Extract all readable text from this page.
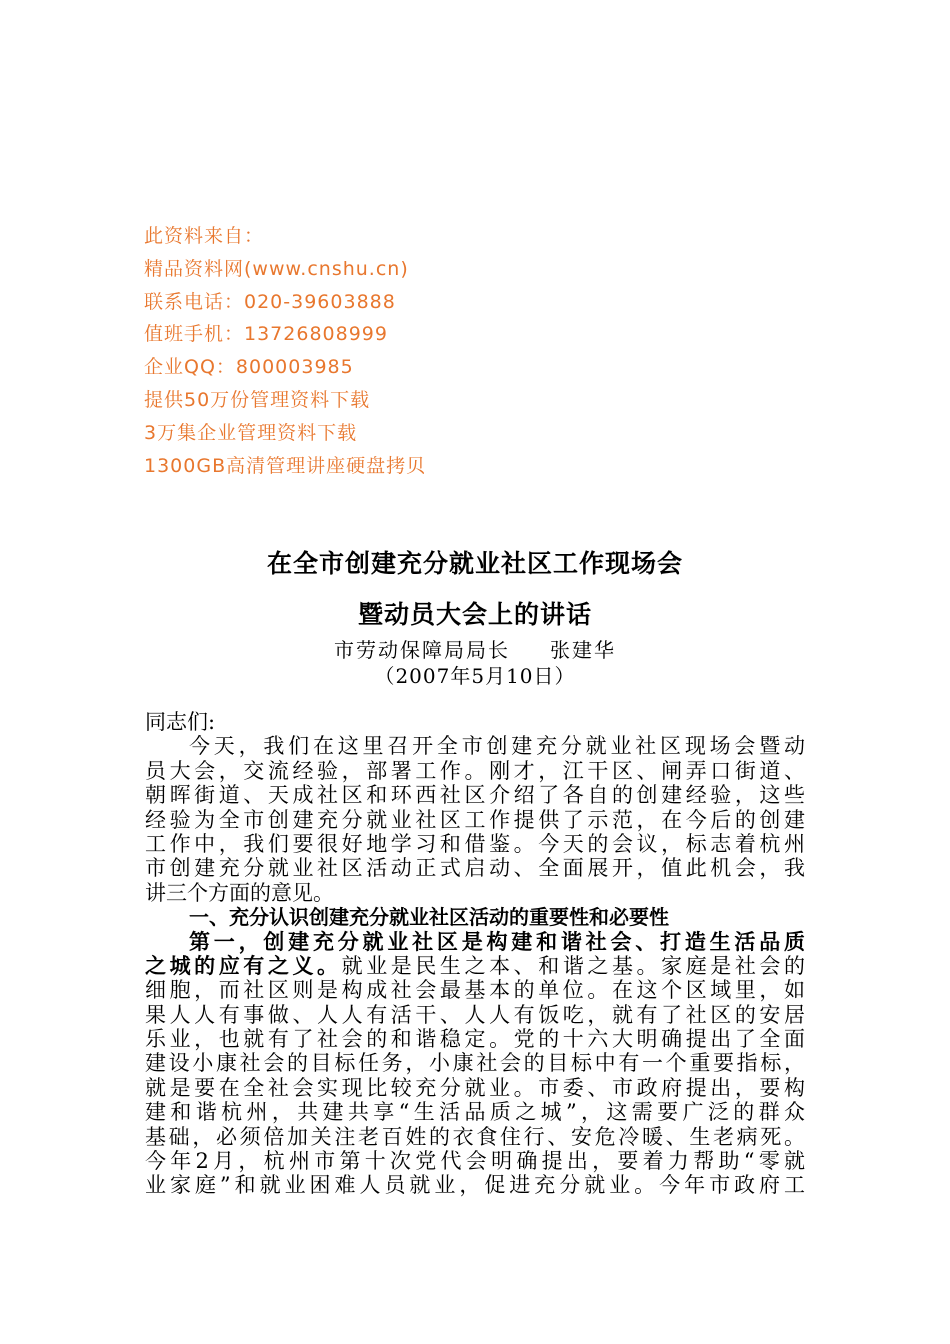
此资料来自：
精品资料网(www.cnshu.cn)
联系电话：020-39603888
值班手机：13726808999
企业QQ：800003985
提供50万份管理资料下载
3万集企业管理资料下载
1300GB高清管理讲座硬盘拷贝
在全市创建充分就业社区工作现场会
暨动员大会上的讲话
市劳动保障局局长 张建华
（2007年5月10日）
同志们:
今天，我们在这里召开全市创建充分就业社区现场会暨动
员大会，交流经验，部署工作。刚才，江干区、闸弄口街道、
朝晖街道、天成社区和环西社区介绍了各自的创建经验，这些
经验为全市创建充分就业社区工作提供了示范，在今后的创建
工作中，我们要很好地学习和借鉴。今天的会议，标志着杭州
市创建充分就业社区活动正式启动、全面展开，值此机会，我
讲三个方面的意见。
一、充分认识创建充分就业社区活动的重要性和必要性
第一，创建充分就业社区是构建和谐社会、打造生活品质
之城的应有之义。就业是民生之本、和谐之基。家庭是社会的
细胞，而社区则是构成社会最基本的单位。在这个区域里，如
果人人有事做、人人有活干、人人有饭吃，就有了社区的安居
乐业，也就有了社会的和谐稳定。党的十六大明确提出了全面
建设小康社会的目标任务，小康社会的目标中有一个重要指标，
就是要在全社会实现比较充分就业。市委、市政府提出，要构
建和谐杭州，共建共享“生活品质之城”，这需要广泛的群众
基础，必须倍加关注老百姓的衣食住行、安危冷暖、生老病死。
今年2月，杭州市第十次党代会明确提出，要着力帮助“零就
业家庭”和就业困难人员就业，促进充分就业。今年市政府工
